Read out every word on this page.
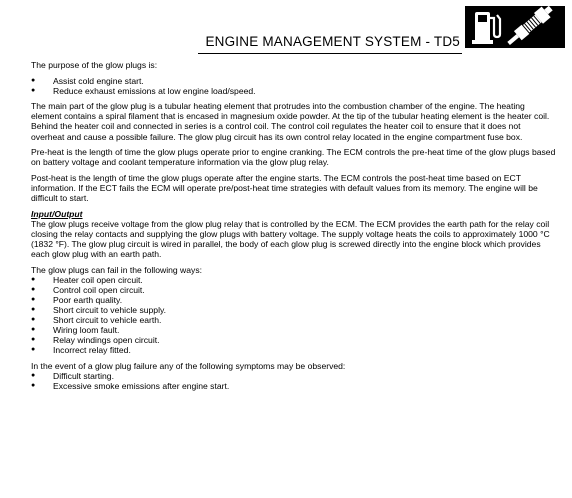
ENGINE MANAGEMENT SYSTEM - TD5

The purpose of the glow plugs is:

● Assist cold engine start.
● Reduce exhaust emissions at low engine load/speed.

The main part of the glow plug is a tubular heating element that protrudes into the combustion chamber of the engine. The heating element contains a spiral filament that is encased in magnesium oxide powder. At the tip of the tubular heating element is the heater coil. Behind the heater coil and connected in series is a control coil. The control coil regulates the heater coil to ensure that it does not overheat and cause a possible failure. The glow plug circuit has its own control relay located in the engine compartment fuse box.

Pre-heat is the length of time the glow plugs operate prior to engine cranking. The ECM controls the pre-heat time of the glow plugs based on battery voltage and coolant temperature information via the glow plug relay.

Post-heat is the length of time the glow plugs operate after the engine starts. The ECM controls the post-heat time based on ECT information. If the ECT fails the ECM will operate pre/post-heat time strategies with default values from its memory. The engine will be difficult to start.

Input/Output

The glow plugs receive voltage from the glow plug relay that is controlled by the ECM. The ECM provides the earth path for the relay coil closing the relay contacts and supplying the glow plugs with battery voltage. The supply voltage heats the coils to approximately 1000 °C (1832 °F). The glow plug circuit is wired in parallel, the body of each glow plug is screwed directly into the engine block which provides each glow plug with an earth path.

The glow plugs can fail in the following ways:

● Heater coil open circuit.
● Control coil open circuit.
● Poor earth quality.
● Short circuit to vehicle supply.
● Short circuit to vehicle earth.
● Wiring loom fault.
● Relay windings open circuit.
● Incorrect relay fitted.

In the event of a glow plug failure any of the following symptoms may be observed:

● Difficult starting.
● Excessive smoke emissions after engine start.
